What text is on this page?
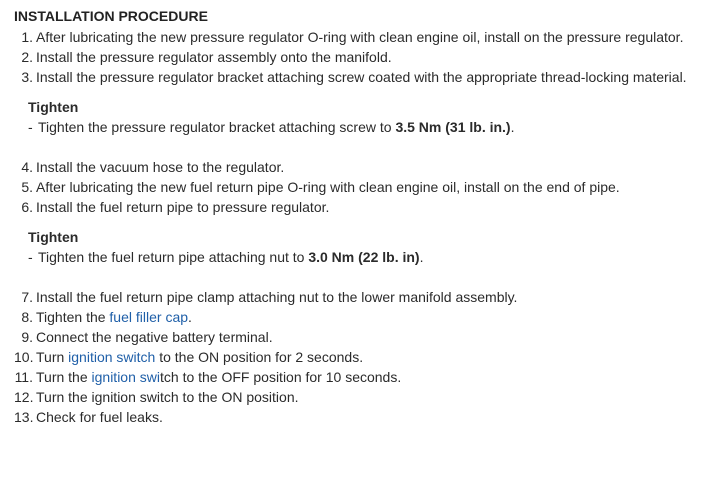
INSTALLATION PROCEDURE
1. After lubricating the new pressure regulator O-ring with clean engine oil, install on the pressure regulator.
2. Install the pressure regulator assembly onto the manifold.
3. Install the pressure regulator bracket attaching screw coated with the appropriate thread-locking material.
Tighten
- Tighten the pressure regulator bracket attaching screw to 3.5 Nm (31 lb. in.).
4. Install the vacuum hose to the regulator.
5. After lubricating the new fuel return pipe O-ring with clean engine oil, install on the end of pipe.
6. Install the fuel return pipe to pressure regulator.
Tighten
- Tighten the fuel return pipe attaching nut to 3.0 Nm (22 lb. in).
7. Install the fuel return pipe clamp attaching nut to the lower manifold assembly.
8. Tighten the fuel filler cap.
9. Connect the negative battery terminal.
10. Turn ignition switch to the ON position for 2 seconds.
11. Turn the ignition switch to the OFF position for 10 seconds.
12. Turn the ignition switch to the ON position.
13. Check for fuel leaks.
